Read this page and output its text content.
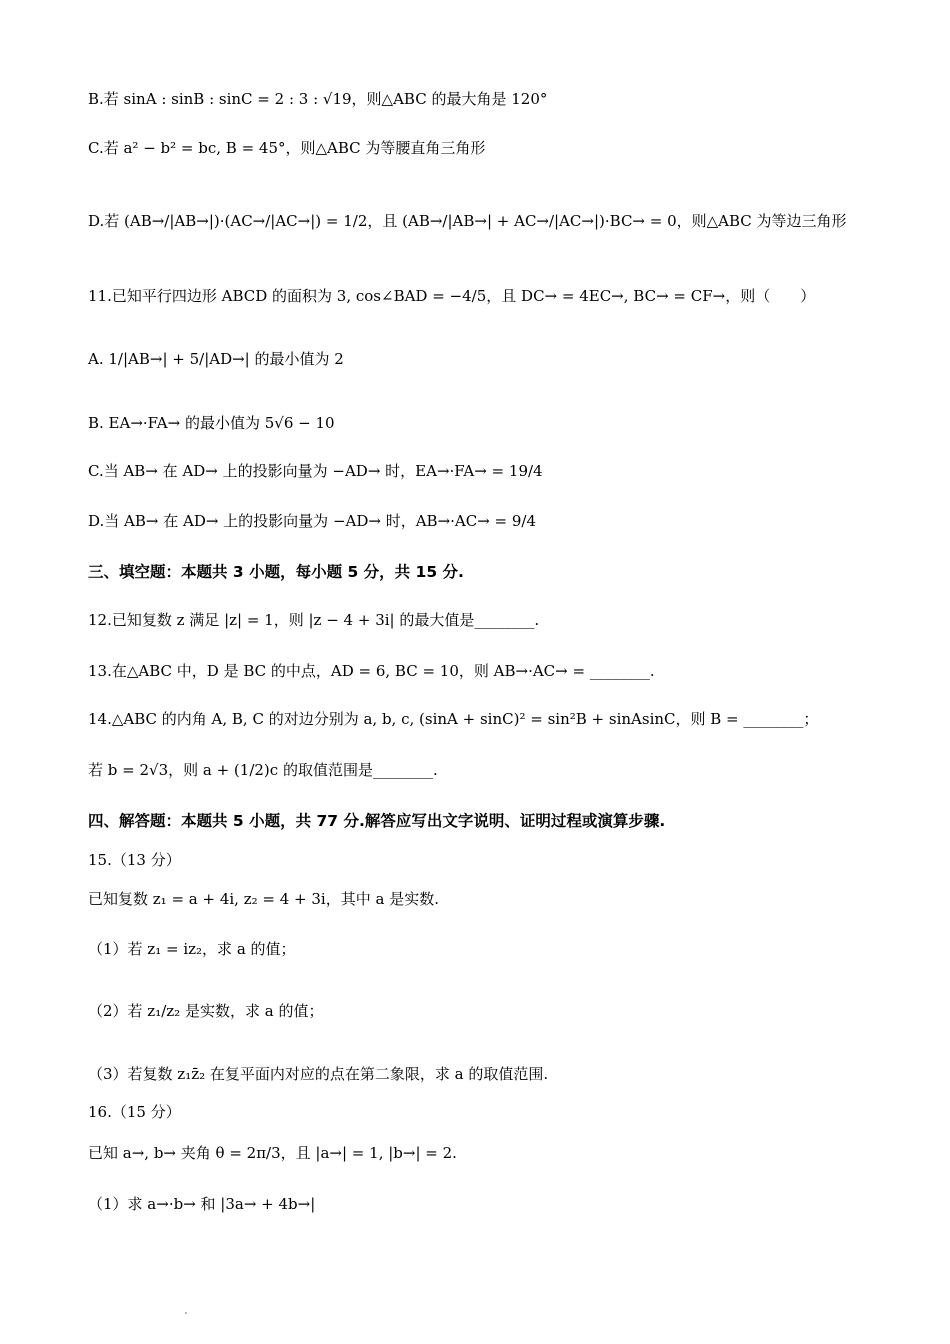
B.若 sinA : sinB : sinC = 2 : 3 : √19，则△ABC 的最大角是 120°
C.若 a² − b² = bc, B = 45°，则△ABC 为等腰直角三角形
D.若 (AB→/|AB→|)·(AC→/|AC→|) = 1/2，且 (AB→/|AB→| + AC→/|AC→|)·BC→ = 0，则△ABC 为等边三角形
11.已知平行四边形 ABCD 的面积为 3, cos∠BAD = −4/5，且 DC→ = 4EC→, BC→ = CF→，则（　　）
A. 1/|AB→| + 5/|AD→| 的最小值为 2
B. EA→·FA→ 的最小值为 5√6 − 10
C.当 AB→ 在 AD→ 上的投影向量为 −AD→ 时，EA→·FA→ = 19/4
D.当 AB→ 在 AD→ 上的投影向量为 −AD→ 时，AB→·AC→ = 9/4
三、填空题：本题共 3 小题，每小题 5 分，共 15 分.
12.已知复数 z 满足 |z| = 1，则 |z − 4 + 3i| 的最大值是________.
13.在△ABC 中，D 是 BC 的中点，AD = 6, BC = 10，则 AB→·AC→ = ________.
14.△ABC 的内角 A, B, C 的对边分别为 a, b, c, (sinA + sinC)² = sin²B + sinAsinC，则 B = ________；
若 b = 2√3，则 a + (1/2)c 的取值范围是________.
四、解答题：本题共 5 小题，共 77 分.解答应写出文字说明、证明过程或演算步骤.
15.（13 分）
已知复数 z₁ = a + 4i, z₂ = 4 + 3i，其中 a 是实数.
（1）若 z₁ = iz₂，求 a 的值；
（2）若 z₁/z₂ 是实数，求 a 的值；
（3）若复数 z₁z̄₂ 在复平面内对应的点在第二象限，求 a 的取值范围.
16.（15 分）
已知 a→, b→ 夹角 θ = 2π/3，且 |a→| = 1, |b→| = 2.
（1）求 a→·b→ 和 |3a→ + 4b→|
